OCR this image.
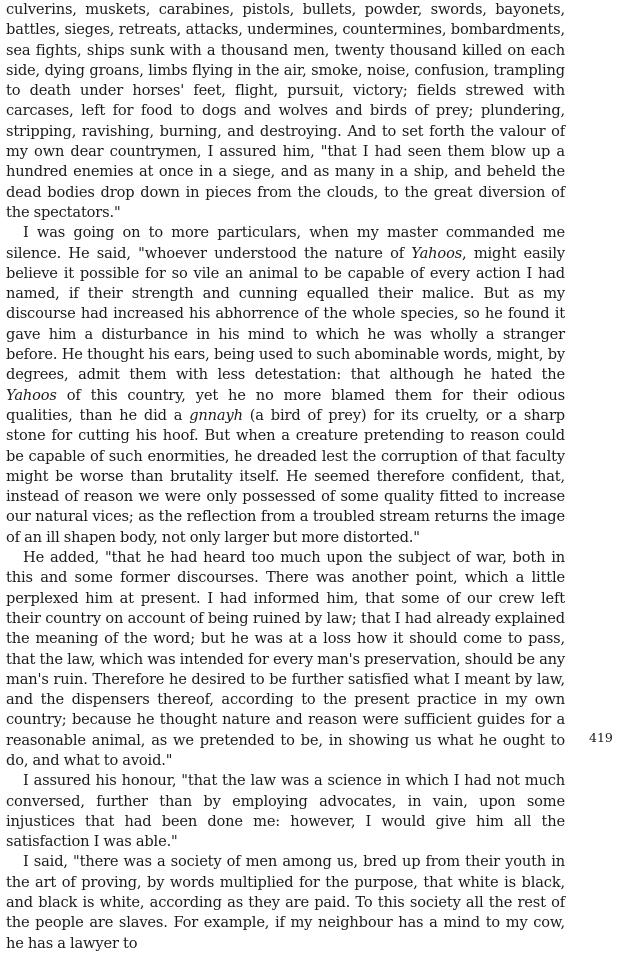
culverins, muskets, carabines, pistols, bullets, powder, swords, bayonets, battles, sieges, retreats, attacks, undermines, countermines, bombardments, sea fights, ships sunk with a thousand men, twenty thousand killed on each side, dying groans, limbs flying in the air, smoke, noise, confusion, trampling to death under horses' feet, flight, pursuit, victory; fields strewed with carcases, left for food to dogs and wolves and birds of prey; plundering, stripping, ravishing, burning, and destroying. And to set forth the valour of my own dear countrymen, I assured him, "that I had seen them blow up a hundred enemies at once in a siege, and as many in a ship, and beheld the dead bodies drop down in pieces from the clouds, to the great diversion of the spectators."

I was going on to more particulars, when my master commanded me silence. He said, "whoever understood the nature of Yahoos, might easily believe it possible for so vile an animal to be capable of every action I had named, if their strength and cunning equalled their malice. But as my discourse had increased his abhorrence of the whole species, so he found it gave him a disturbance in his mind to which he was wholly a stranger before. He thought his ears, being used to such abominable words, might, by degrees, admit them with less detestation: that although he hated the Yahoos of this country, yet he no more blamed them for their odious qualities, than he did a gnnayh (a bird of prey) for its cruelty, or a sharp stone for cutting his hoof. But when a creature pretending to reason could be capable of such enormities, he dreaded lest the corruption of that faculty might be worse than brutality itself. He seemed therefore confident, that, instead of reason we were only possessed of some quality fitted to increase our natural vices; as the reflection from a troubled stream returns the image of an ill shapen body, not only larger but more distorted."

He added, "that he had heard too much upon the subject of war, both in this and some former discourses. There was another point, which a little perplexed him at present. I had informed him, that some of our crew left their country on account of being ruined by law; that I had already explained the meaning of the word; but he was at a loss how it should come to pass, that the law, which was intended for every man's preservation, should be any man's ruin. Therefore he desired to be further satisfied what I meant by law, and the dispensers thereof, according to the present practice in my own country; because he thought nature and reason were sufficient guides for a reasonable animal, as we pretended to be, in showing us what he ought to do, and what to avoid."

I assured his honour, "that the law was a science in which I had not much conversed, further than by employing advocates, in vain, upon some injustices that had been done me: however, I would give him all the satisfaction I was able."

I said, "there was a society of men among us, bred up from their youth in the art of proving, by words multiplied for the purpose, that white is black, and black is white, according as they are paid. To this society all the rest of the people are slaves. For example, if my neighbour has a mind to my cow, he has a lawyer to

419
